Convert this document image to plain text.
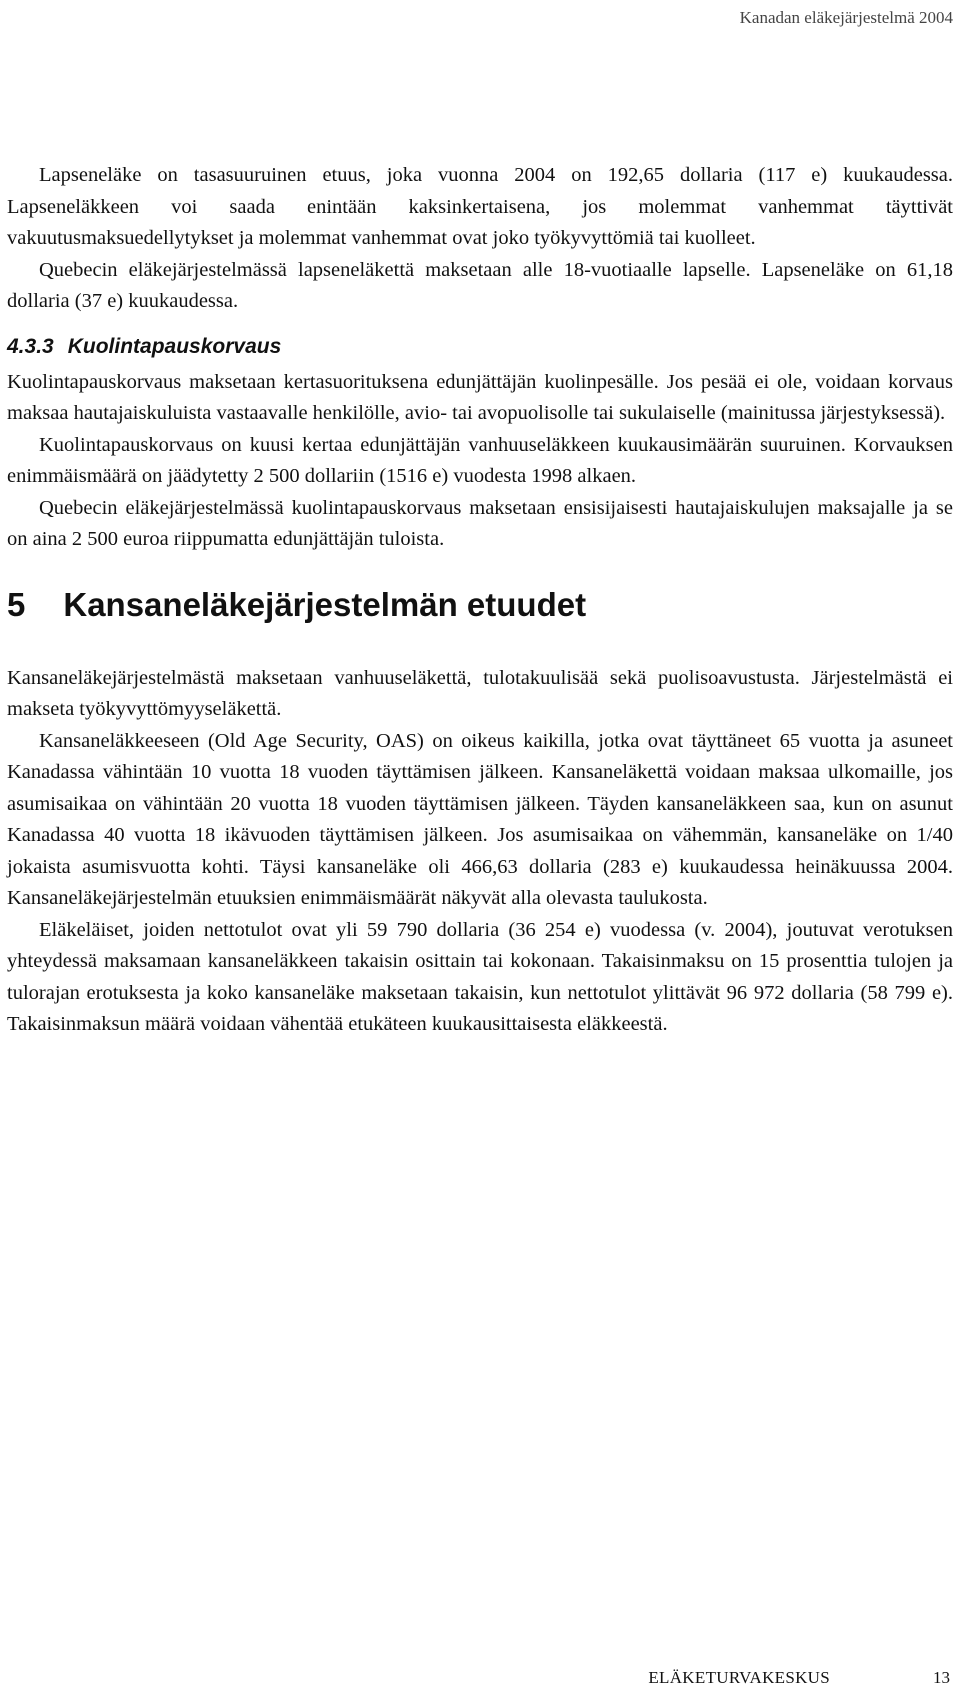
Kanadan eläkejärjestelmä 2004

Lapseneläke on tasasuuruinen etuus, joka vuonna 2004 on 192,65 dollaria (117 e) kuukaudessa. Lapseneläkkeen voi saada enintään kaksinkertaisena, jos molemmat vanhemmat täyttivät vakuutusmaksuedellytykset ja molemmat vanhemmat ovat joko työkyvyttömiä tai kuolleet.

Quebecin eläkejärjestelmässä lapseneläkettä maksetaan alle 18-vuotiaalle lapselle. Lapseneläke on 61,18 dollaria (37 e) kuukaudessa.

4.3.3 Kuolintapauskorvaus

Kuolintapauskorvaus maksetaan kertasuorituksena edunjättäjän kuolinpesälle. Jos pesää ei ole, voidaan korvaus maksaa hautajaiskuluista vastaavalle henkilölle, avio- tai avopuolisolle tai sukulaiselle (mainitussa järjestyksessä).

Kuolintapauskorvaus on kuusi kertaa edunjättäjän vanhuuseläkkeen kuukausimäärän suuruinen. Korvauksen enimmäismäärä on jäädytetty 2 500 dollariin (1516 e) vuodesta 1998 alkaen.

Quebecin eläkejärjestelmässä kuolintapauskorvaus maksetaan ensisijaisesti hautajaiskulujen maksajalle ja se on aina 2 500 euroa riippumatta edunjättäjän tuloista.

5 Kansaneläkejärjestelmän etuudet

Kansaneläkejärjestelmästä maksetaan vanhuuseläkettä, tulotakuulisää sekä puolisoavustusta. Järjestelmästä ei makseta työkyvyttömyyseläkettä.

Kansaneläkkeeseen (Old Age Security, OAS) on oikeus kaikilla, jotka ovat täyttäneet 65 vuotta ja asuneet Kanadassa vähintään 10 vuotta 18 vuoden täyttämisen jälkeen. Kansaneläkettä voidaan maksaa ulkomaille, jos asumisaikaa on vähintään 20 vuotta 18 vuoden täyttämisen jälkeen. Täyden kansaneläkkeen saa, kun on asunut Kanadassa 40 vuotta 18 ikävuoden täyttämisen jälkeen. Jos asumisaikaa on vähemmän, kansaneläke on 1/40 jokaista asumisvuotta kohti. Täysi kansaneläke oli 466,63 dollaria (283 e) kuukaudessa heinäkuussa 2004. Kansaneläkejärjestelmän etuuksien enimmäismäärät näkyvät alla olevasta taulukosta.

Eläkeläiset, joiden nettotulot ovat yli 59 790 dollaria (36 254 e) vuodessa (v. 2004), joutuvat verotuksen yhteydessä maksamaan kansaneläkkeen takaisin osittain tai kokonaan. Takaisinmaksu on 15 prosenttia tulojen ja tulorajan erotuksesta ja koko kansaneläke maksetaan takaisin, kun nettotulot ylittävät 96 972 dollaria (58 799 e). Takaisinmaksun määrä voidaan vähentää etukäteen kuukausittaisesta eläkkeestä.

ELÄKETURVAKESKUS	13
